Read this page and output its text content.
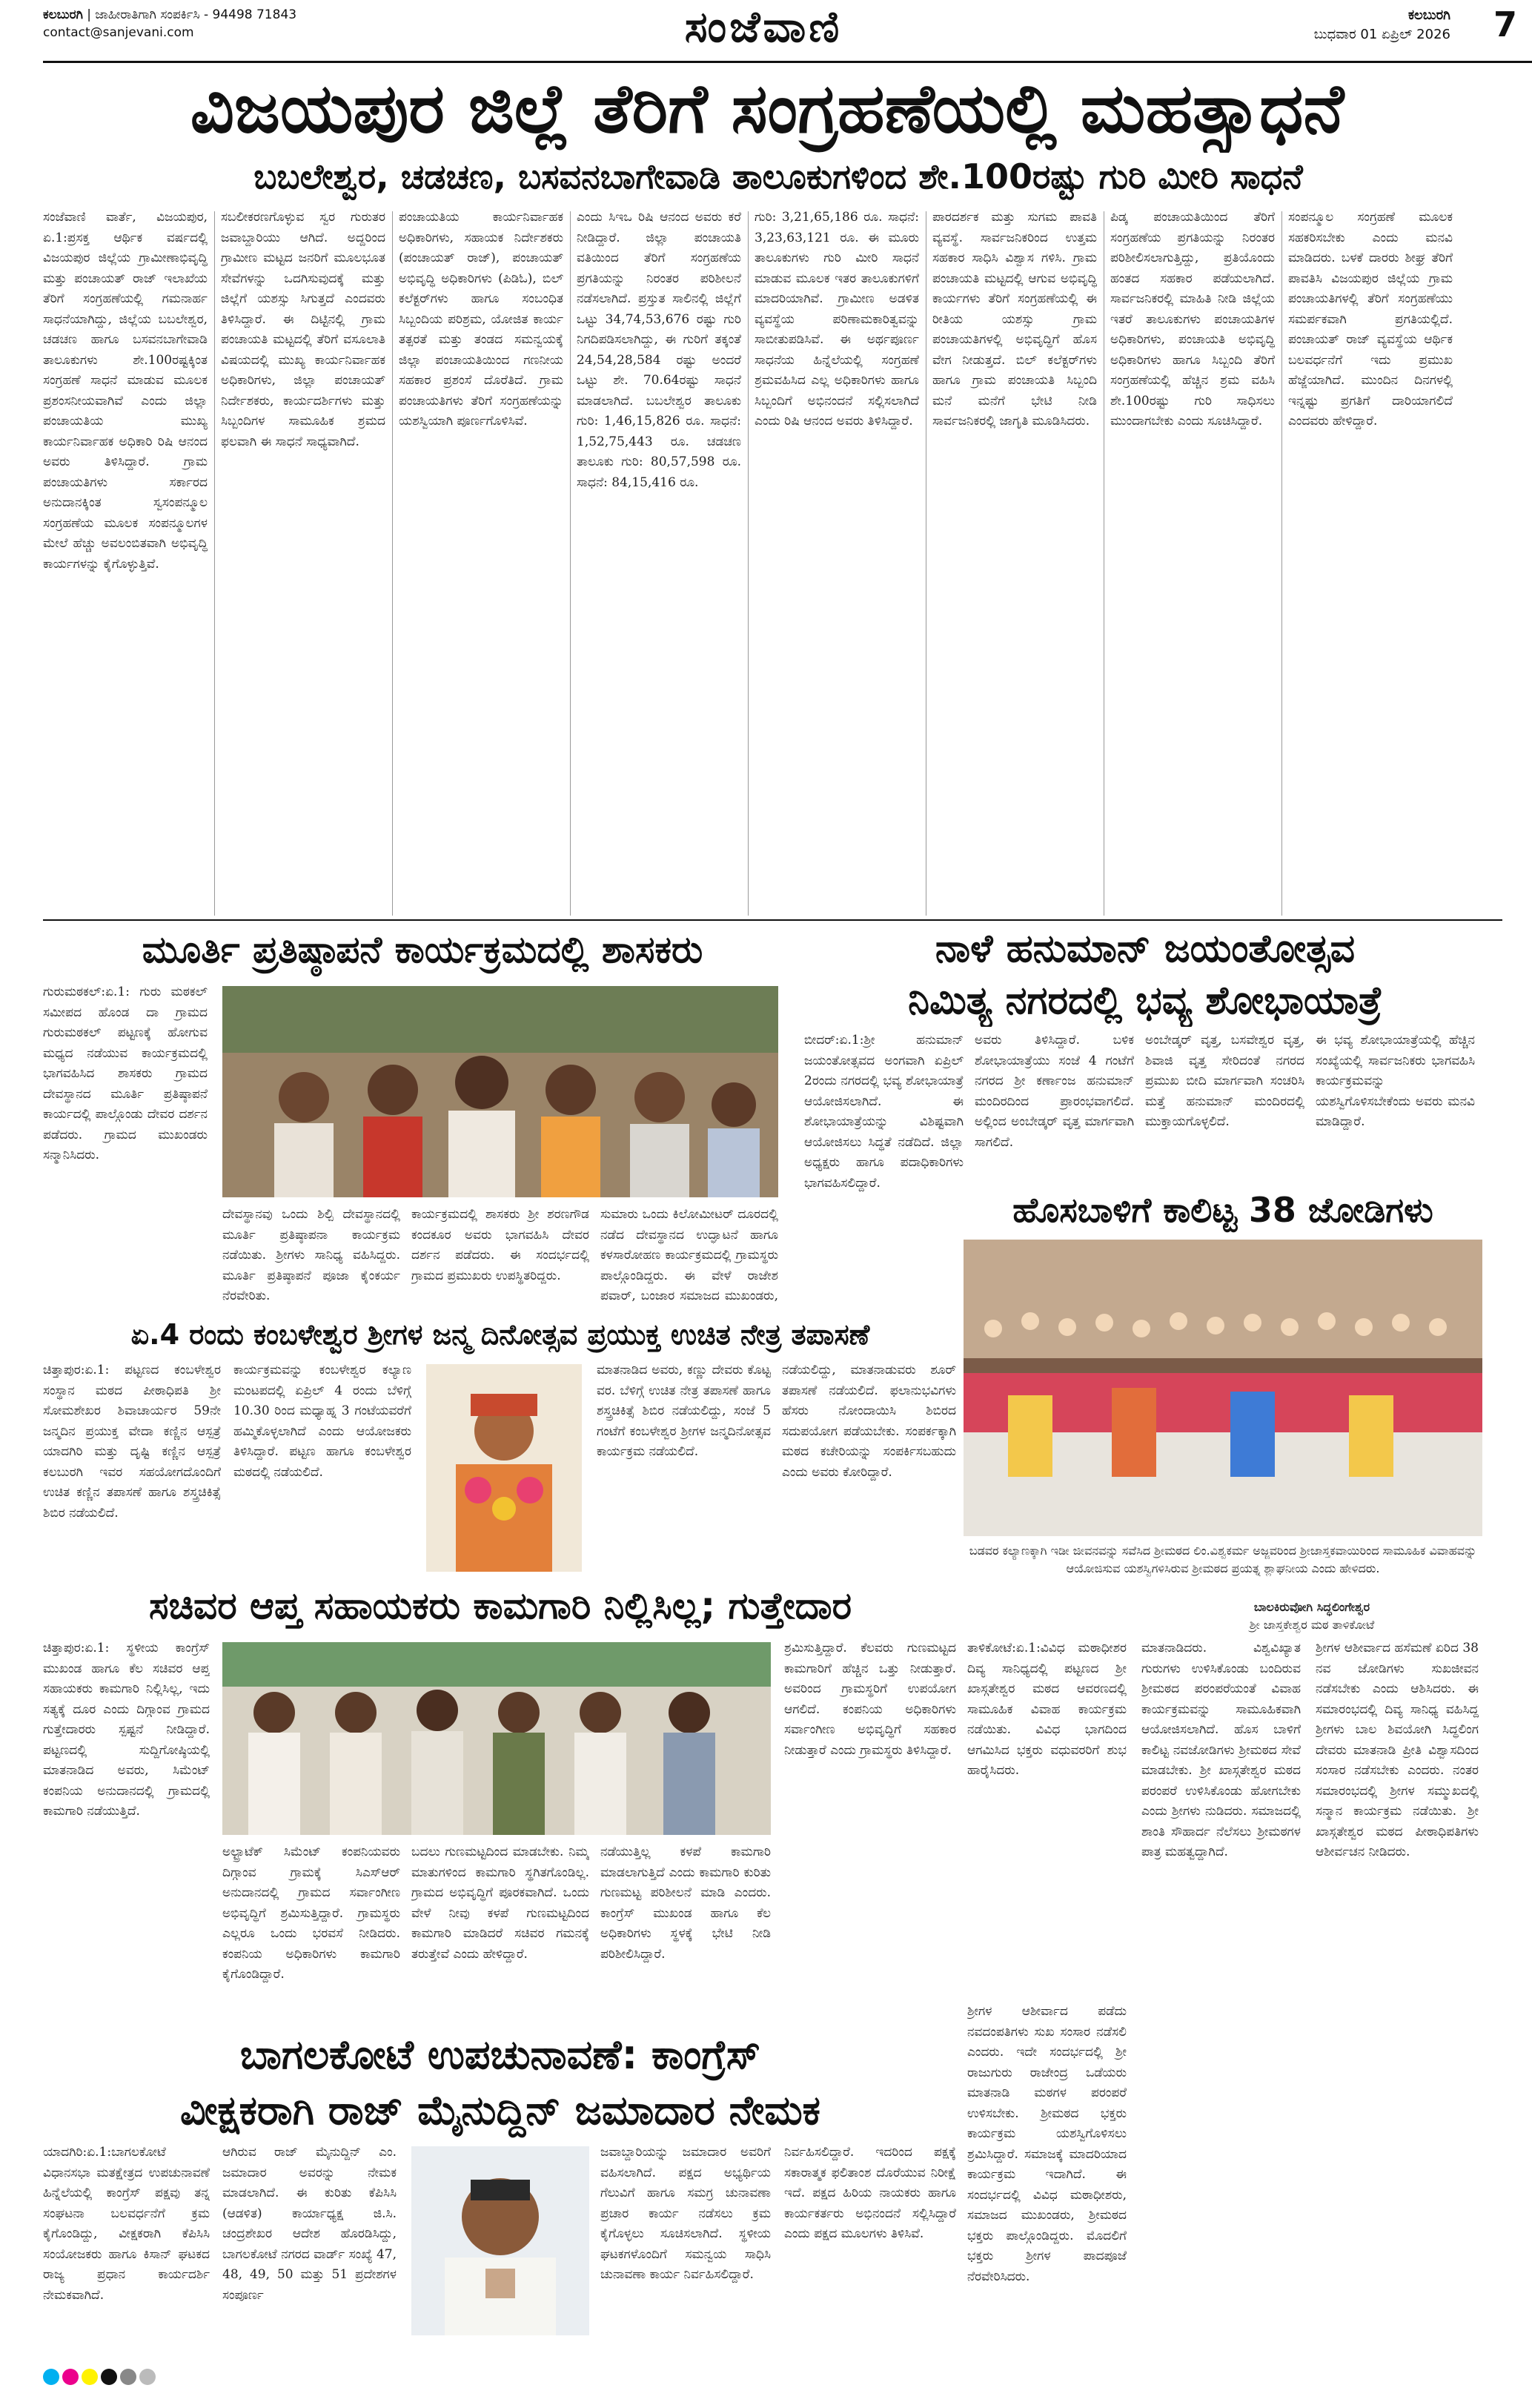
ಕಲಬುರಗಿ | ಜಾಹೀರಾತಿಗಾಗಿ ಸಂಪರ್ಕಿಸಿ - 94498 71843
contact@sanjevani.com	ಸಂಜೆವಾಣಿ	ಕಲಬುರಗಿ
ಬುಧವಾರ 01 ಏಪ್ರಿಲ್ 2026 7
ವಿಜಯಪುರ ಜಿಲ್ಲೆ ತೆರಿಗೆ ಸಂಗ್ರಹಣೆಯಲ್ಲಿ ಮಹತ್ಸಾಧನೆ
ಬಬಲೇಶ್ವರ, ಚಡಚಣ, ಬಸವನಬಾಗೇವಾಡಿ ತಾಲೂಕುಗಳಿಂದ ಶೇ.100ರಷ್ಟು ಗುರಿ ಮೀರಿ ಸಾಧನೆ
ಸಂಜೆವಾಣಿ ವಾರ್ತೆ, ವಿಜಯಪುರ, ಏ.1:ಪ್ರಸಕ್ತ ಆರ್ಥಿಕ ವರ್ಷದಲ್ಲಿ ವಿಜಯಪುರ ಜಿಲ್ಲೆಯ ಗ್ರಾಮೀಣಾಭಿವೃದ್ಧಿ ಮತ್ತು ಪಂಚಾಯತ್ ರಾಜ್ ಇಲಾಖೆಯ ತೆರಿಗೆ ಸಂಗ್ರಹಣೆಯಲ್ಲಿ ಗಮನಾರ್ಹ ಸಾಧನೆಯಾಗಿದ್ದು, ಜಿಲ್ಲೆಯ ಬಬಲೇಶ್ವರ, ಚಡಚಣ ಹಾಗೂ ಬಸವನಬಾಗೇವಾಡಿ ತಾಲೂಕುಗಳು ಶೇ.100ರಷ್ಟಕ್ಕಿಂತ ಸಂಗ್ರಹಣೆ ಸಾಧನೆ ಮಾಡುವ ಮೂಲಕ ಪ್ರಶಂಸನೀಯವಾಗಿವೆ ಎಂದು ಜಿಲ್ಲಾ ಪಂಚಾಯತಿಯ ಮುಖ್ಯ ಕಾರ್ಯನಿರ್ವಾಹಕ ಅಧಿಕಾರಿ ರಿಷಿ ಆನಂದ ಅವರು ತಿಳಿಸಿದ್ದಾರೆ. ಗ್ರಾಮ ಪಂಚಾಯತಿಗಳು ಸರ್ಕಾರದ ಅನುದಾನಕ್ಕಿಂತ ಸ್ವಸಂಪನ್ಮೂಲ ಸಂಗ್ರಹಣೆಯ ಮೂಲಕ ಸಂಪನ್ಮೂಲಗಳ ಮೇಲೆ ಹೆಚ್ಚು ಅವಲಂಬಿತವಾಗಿ ಅಭಿವೃದ್ಧಿ ಕಾರ್ಯಗಳನ್ನು ಕೈಗೊಳ್ಳುತ್ತಿವೆ.
ಸಬಲೀಕರಣಗೊಳ್ಳುವ ಸ್ವರ ಗುರುತರ ಜವಾಬ್ದಾರಿಯು ಆಗಿದೆ. ಅದ್ದರಿಂದ ಗ್ರಾಮೀಣ ಮಟ್ಟದ ಜನರಿಗೆ ಮೂಲಭೂತ ಸೇವೆಗಳನ್ನು ಒದಗಿಸುವುದಕ್ಕೆ ಮತ್ತು ಜಿಲ್ಲೆಗೆ ಯಶಸ್ಸು ಸಿಗುತ್ತದೆ ಎಂದವರು ತಿಳಿಸಿದ್ದಾರೆ. ಈ ದಿಟ್ಟಿನಲ್ಲಿ ಗ್ರಾಮ ಪಂಚಾಯತಿ ಮಟ್ಟದಲ್ಲಿ ತೆರಿಗೆ ವಸೂಲಾತಿ ವಿಷಯದಲ್ಲಿ ಮುಖ್ಯ ಕಾರ್ಯನಿರ್ವಾಹಕ ಅಧಿಕಾರಿಗಳು, ಜಿಲ್ಲಾ ಪಂಚಾಯತ್ ನಿರ್ದೇಶಕರು, ಕಾರ್ಯದರ್ಶಿಗಳು ಮತ್ತು ಸಿಬ್ಬಂದಿಗಳ ಸಾಮೂಹಿಕ ಶ್ರಮದ ಫಲವಾಗಿ ಈ ಸಾಧನೆ ಸಾಧ್ಯವಾಗಿದೆ.
ಪಂಚಾಯತಿಯ ಕಾರ್ಯನಿರ್ವಾಹಕ ಅಧಿಕಾರಿಗಳು, ಸಹಾಯಕ ನಿರ್ದೇಶಕರು (ಪಂಚಾಯತ್ ರಾಜ್), ಪಂಚಾಯತ್ ಅಭಿವೃದ್ಧಿ ಅಧಿಕಾರಿಗಳು (ಪಿಡಿಓ), ಬಿಲ್ ಕಲೆಕ್ಟರ್‌ಗಳು ಹಾಗೂ ಸಂಬಂಧಿತ ಸಿಬ್ಬಂದಿಯ ಪರಿಶ್ರಮ, ಯೋಜಿತ ಕಾರ್ಯ ತತ್ಪರತೆ ಮತ್ತು ತಂಡದ ಸಮನ್ವಯಕ್ಕೆ ಜಿಲ್ಲಾ ಪಂಚಾಯತಿಯಿಂದ ಗಣನೀಯ ಸಹಕಾರ ಪ್ರಶಂಸೆ ದೊರೆತಿದೆ. ಗ್ರಾಮ ಪಂಚಾಯತಿಗಳು ತೆರಿಗೆ ಸಂಗ್ರಹಣೆಯನ್ನು ಯಶಸ್ವಿಯಾಗಿ ಪೂರ್ಣಗೊಳಿಸಿವೆ.
ಎಂದು ಸಿಇಒ ರಿಷಿ ಆನಂದ ಅವರು ಕರೆ ನೀಡಿದ್ದಾರೆ. ಜಿಲ್ಲಾ ಪಂಚಾಯತಿ ವತಿಯಿಂದ ತೆರಿಗೆ ಸಂಗ್ರಹಣೆಯ ಪ್ರಗತಿಯನ್ನು ನಿರಂತರ ಪರಿಶೀಲನೆ ನಡೆಸಲಾಗಿದೆ. ಪ್ರಸ್ತುತ ಸಾಲಿನಲ್ಲಿ ಜಿಲ್ಲೆಗೆ ಒಟ್ಟು 34,74,53,676 ರಷ್ಟು ಗುರಿ ನಿಗದಿಪಡಿಸಲಾಗಿದ್ದು, ಈ ಗುರಿಗೆ ತಕ್ಕಂತೆ 24,54,28,584 ರಷ್ಟು ಅಂದರೆ ಒಟ್ಟು ಶೇ. 70.64ರಷ್ಟು ಸಾಧನೆ ಮಾಡಲಾಗಿದೆ. ಬಬಲೇಶ್ವರ ತಾಲೂಕು ಗುರಿ: 1,46,15,826 ರೂ. ಸಾಧನೆ: 1,52,75,443 ರೂ. ಚಡಚಣ ತಾಲೂಕು ಗುರಿ: 80,57,598 ರೂ. ಸಾಧನೆ: 84,15,416 ರೂ.
ಗುರಿ: 3,21,65,186 ರೂ. ಸಾಧನೆ: 3,23,63,121 ರೂ. ಈ ಮೂರು ತಾಲೂಕುಗಳು ಗುರಿ ಮೀರಿ ಸಾಧನೆ ಮಾಡುವ ಮೂಲಕ ಇತರ ತಾಲೂಕುಗಳಿಗೆ ಮಾದರಿಯಾಗಿವೆ. ಗ್ರಾಮೀಣ ಅಡಳಿತ ವ್ಯವಸ್ಥೆಯ ಪರಿಣಾಮಕಾರಿತ್ವವನ್ನು ಸಾಬೀತುಪಡಿಸಿವೆ. ಈ ಅರ್ಥಪೂರ್ಣ ಸಾಧನೆಯ ಹಿನ್ನೆಲೆಯಲ್ಲಿ ಸಂಗ್ರಹಣೆ ಶ್ರಮವಹಿಸಿದ ಎಲ್ಲ ಅಧಿಕಾರಿಗಳು ಹಾಗೂ ಸಿಬ್ಬಂದಿಗೆ ಅಭಿನಂದನೆ ಸಲ್ಲಿಸಲಾಗಿದೆ ಎಂದು ರಿಷಿ ಆನಂದ ಅವರು ತಿಳಿಸಿದ್ದಾರೆ.
ಪಾರದರ್ಶಕ ಮತ್ತು ಸುಗಮ ಪಾವತಿ ವ್ಯವಸ್ಥೆ. ಸಾರ್ವಜನಿಕರಿಂದ ಉತ್ತಮ ಸಹಕಾರ ಸಾಧಿಸಿ ವಿಶ್ವಾಸ ಗಳಿಸಿ. ಗ್ರಾಮ ಪಂಚಾಯತಿ ಮಟ್ಟದಲ್ಲಿ ಆಗುವ ಅಭಿವೃದ್ಧಿ ಕಾರ್ಯಗಳು ತೆರಿಗೆ ಸಂಗ್ರಹಣೆಯಲ್ಲಿ ಈ ರೀತಿಯ ಯಶಸ್ಸು ಗ್ರಾಮ ಪಂಚಾಯತಿಗಳಲ್ಲಿ ಅಭಿವೃದ್ಧಿಗೆ ಹೊಸ ವೇಗ ನೀಡುತ್ತದೆ. ಬಿಲ್ ಕಲೆಕ್ಟರ್‌ಗಳು ಹಾಗೂ ಗ್ರಾಮ ಪಂಚಾಯತಿ ಸಿಬ್ಬಂದಿ ಮನೆ ಮನೆಗೆ ಭೇಟಿ ನೀಡಿ ಸಾರ್ವಜನಿಕರಲ್ಲಿ ಜಾಗೃತಿ ಮೂಡಿಸಿದರು.
ಪಿಡ್ಕ ಪಂಚಾಯತಿಯಿಂದ ತೆರಿಗೆ ಸಂಗ್ರಹಣೆಯ ಪ್ರಗತಿಯನ್ನು ನಿರಂತರ ಪರಿಶೀಲಿಸಲಾಗುತ್ತಿದ್ದು, ಪ್ರತಿಯೊಂದು ಹಂತದ ಸಹಕಾರ ಪಡೆಯಲಾಗಿದೆ. ಸಾರ್ವಜನಿಕರಲ್ಲಿ ಮಾಹಿತಿ ನೀಡಿ ಜಿಲ್ಲೆಯ ಇತರೆ ತಾಲೂಕುಗಳು ಪಂಚಾಯತಿಗಳ ಅಧಿಕಾರಿಗಳು, ಪಂಚಾಯತಿ ಅಭಿವೃದ್ಧಿ ಅಧಿಕಾರಿಗಳು ಹಾಗೂ ಸಿಬ್ಬಂದಿ ತೆರಿಗೆ ಸಂಗ್ರಹಣೆಯಲ್ಲಿ ಹೆಚ್ಚಿನ ಶ್ರಮ ವಹಿಸಿ ಶೇ.100ರಷ್ಟು ಗುರಿ ಸಾಧಿಸಲು ಮುಂದಾಗಬೇಕು ಎಂದು ಸೂಚಿಸಿದ್ದಾರೆ.
ಸಂಪನ್ಮೂಲ ಸಂಗ್ರಹಣೆ ಮೂಲಕ ಸಹಕರಿಸಬೇಕು ಎಂದು ಮನವಿ ಮಾಡಿದರು. ಬಳಕೆ ದಾರರು ಶೀಘ್ರ ತೆರಿಗೆ ಪಾವತಿಸಿ ವಿಜಯಪುರ ಜಿಲ್ಲೆಯ ಗ್ರಾಮ ಪಂಚಾಯತಿಗಳಲ್ಲಿ ತೆರಿಗೆ ಸಂಗ್ರಹಣೆಯು ಸಮರ್ಪಕವಾಗಿ ಪ್ರಗತಿಯಲ್ಲಿದೆ. ಪಂಚಾಯತ್ ರಾಜ್ ವ್ಯವಸ್ಥೆಯ ಆರ್ಥಿಕ ಬಲವರ್ಧನೆಗೆ ಇದು ಪ್ರಮುಖ ಹೆಜ್ಜೆಯಾಗಿದೆ. ಮುಂದಿನ ದಿನಗಳಲ್ಲಿ ಇನ್ನಷ್ಟು ಪ್ರಗತಿಗೆ ದಾರಿಯಾಗಲಿದೆ ಎಂದವರು ಹೇಳಿದ್ದಾರೆ.
ಮೂರ್ತಿ ಪ್ರತಿಷ್ಠಾಪನೆ ಕಾರ್ಯಕ್ರಮದಲ್ಲಿ ಶಾಸಕರು
ಗುರುಮಠಕಲ್:ಏ.1: ಗುರು ಮಠಕಲ್ ಸಮೀಪದ ಹೊಂಡ ದಾ ಗ್ರಾಮದ ಗುರುಮಠಕಲ್ ಪಟ್ಟಣಕ್ಕೆ ಹೋಗುವ ಮಧ್ಯದ ನಡೆಯುವ ಕಾರ್ಯಕ್ರಮದಲ್ಲಿ ಭಾಗವಹಿಸಿದ ಶಾಸಕರು ಗ್ರಾಮದ ದೇವಸ್ಥಾನದ ಮೂರ್ತಿ ಪ್ರತಿಷ್ಠಾಪನೆ ಕಾರ್ಯದಲ್ಲಿ ಪಾಲ್ಗೊಂಡು ದೇವರ ದರ್ಶನ ಪಡೆದರು. ಗ್ರಾಮದ ಮುಖಂಡರು ಸನ್ಮಾನಿಸಿದರು.
ದೇವಸ್ಥಾನವು ಒಂದು ಶಿಲ್ಪಿ ದೇವಸ್ಥಾನದಲ್ಲಿ ಮೂರ್ತಿ ಪ್ರತಿಷ್ಠಾಪನಾ ಕಾರ್ಯಕ್ರಮ ನಡೆಯಿತು. ಶ್ರೀಗಳು ಸಾನಿಧ್ಯ ವಹಿಸಿದ್ದರು. ಮೂರ್ತಿ ಪ್ರತಿಷ್ಠಾಪನೆ ಪೂಜಾ ಕೈಂಕರ್ಯ ನೆರವೇರಿತು.
ಕಾರ್ಯಕ್ರಮದಲ್ಲಿ ಶಾಸಕರು ಶ್ರೀ ಶರಣಗೌಡ ಕಂದಕೂರ ಅವರು ಭಾಗವಹಿಸಿ ದೇವರ ದರ್ಶನ ಪಡೆದರು. ಈ ಸಂದರ್ಭದಲ್ಲಿ ಗ್ರಾಮದ ಪ್ರಮುಖರು ಉಪಸ್ಥಿತರಿದ್ದರು.
ಸುಮಾರು ಒಂದು ಕಿಲೋಮೀಟರ್ ದೂರದಲ್ಲಿ ನಡೆದ ದೇವಸ್ಥಾನದ ಉದ್ಘಾಟನೆ ಹಾಗೂ ಕಳಸಾರೋಹಣ ಕಾರ್ಯಕ್ರಮದಲ್ಲಿ ಗ್ರಾಮಸ್ಥರು ಪಾಲ್ಗೊಂಡಿದ್ದರು. ಈ ವೇಳೆ ರಾಜೇಶ ಪವಾರ್, ಬಂಜಾರ ಸಮಾಜದ ಮುಖಂಡರು,
ನಾಳೆ ಹನುಮಾನ್ ಜಯಂತೋತ್ಸವ
ನಿಮಿತ್ಯ ನಗರದಲ್ಲಿ ಭವ್ಯ ಶೋಭಾಯಾತ್ರೆ
ಬೀದರ್:ಏ.1:ಶ್ರೀ ಹನುಮಾನ್ ಜಯಂತೋತ್ಸವದ ಅಂಗವಾಗಿ ಏಪ್ರಿಲ್ 2ರಂದು ನಗರದಲ್ಲಿ ಭವ್ಯ ಶೋಭಾಯಾತ್ರೆ ಆಯೋಜಿಸಲಾಗಿದೆ. ಈ ಶೋಭಾಯಾತ್ರೆಯನ್ನು ವಿಶಿಷ್ಟವಾಗಿ ಆಯೋಜಿಸಲು ಸಿದ್ಧತೆ ನಡೆದಿದೆ. ಜಿಲ್ಲಾ ಅಧ್ಯಕ್ಷರು ಹಾಗೂ ಪದಾಧಿಕಾರಿಗಳು ಭಾಗವಹಿಸಲಿದ್ದಾರೆ.
ಅವರು ತಿಳಿಸಿದ್ದಾರೆ. ಬಳಿಕ ಶೋಭಾಯಾತ್ರೆಯು ಸಂಜೆ 4 ಗಂಟೆಗೆ ನಗರದ ಶ್ರೀ ಕರ್ಣಾಂಜ ಹನುಮಾನ್ ಮಂದಿರದಿಂದ ಪ್ರಾರಂಭವಾಗಲಿದೆ. ಅಲ್ಲಿಂದ ಅಂಬೇಡ್ಕರ್ ವೃತ್ತ ಮಾರ್ಗವಾಗಿ ಸಾಗಲಿದೆ.
ಅಂಬೇಡ್ಕರ್ ವೃತ್ತ, ಬಸವೇಶ್ವರ ವೃತ್ತ, ಶಿವಾಜಿ ವೃತ್ತ ಸೇರಿದಂತೆ ನಗರದ ಪ್ರಮುಖ ಬೀದಿ ಮಾರ್ಗವಾಗಿ ಸಂಚರಿಸಿ ಮತ್ತೆ ಹನುಮಾನ್ ಮಂದಿರದಲ್ಲಿ ಮುಕ್ತಾಯಗೊಳ್ಳಲಿದೆ.
ಈ ಭವ್ಯ ಶೋಭಾಯಾತ್ರೆಯಲ್ಲಿ ಹೆಚ್ಚಿನ ಸಂಖ್ಯೆಯಲ್ಲಿ ಸಾರ್ವಜನಿಕರು ಭಾಗವಹಿಸಿ ಕಾರ್ಯಕ್ರಮವನ್ನು ಯಶಸ್ವಿಗೊಳಿಸಬೇಕೆಂದು ಅವರು ಮನವಿ ಮಾಡಿದ್ದಾರೆ.
ಹೊಸಬಾಳಿಗೆ ಕಾಲಿಟ್ಟ 38 ಜೋಡಿಗಳು
ಬಡವರ ಕಲ್ಯಾಣಕ್ಕಾಗಿ ಇಡೀ ಜೀವನವನ್ನು ಸವೆಸಿದ ಶ್ರೀಮಠದ ಲಿಂ.ವಿಶ್ವಕರ್ಮ ಅಜ್ಜವರಿಂದ ಶ್ರೀಜಾಸ್ತಕವಾಯಿರಿಂದ ಸಾಮೂಹಿಕ ವಿವಾಹವನ್ನು ಆಯೋಜಿಸುವ ಯಶಸ್ವಿಗಳಿಸಿರುವ ಶ್ರೀಮಠದ ಪ್ರಯತ್ನ ಶ್ಲಾಘನೀಯ ಎಂದು ಹೇಳಿದರು.
ಬಾಲಕಿರುವೋಗಿ ಸಿದ್ಧಲಿಂಗೇಶ್ವರ
ಶ್ರೀ ಜಾಸ್ತಕೇಶ್ವರ ಮಠ ತಾಳಿಕೋಟೆ
ತಾಳಿಕೋಟೆ:ಏ.1:ವಿವಿಧ ಮಠಾಧೀಶರ ದಿವ್ಯ ಸಾನಿಧ್ಯದಲ್ಲಿ ಪಟ್ಟಣದ ಶ್ರೀ ಖಾಸ್ಗತೇಶ್ವರ ಮಠದ ಆವರಣದಲ್ಲಿ ಸಾಮೂಹಿಕ ವಿವಾಹ ಕಾರ್ಯಕ್ರಮ ನಡೆಯಿತು. ವಿವಿಧ ಭಾಗದಿಂದ ಆಗಮಿಸಿದ ಭಕ್ತರು ವಧುವರರಿಗೆ ಶುಭ ಹಾರೈಸಿದರು.
ಏ.4 ರಂದು ಕಂಬಳೇಶ್ವರ ಶ್ರೀಗಳ ಜನ್ಮ ದಿನೋತ್ಸವ ಪ್ರಯುಕ್ತ ಉಚಿತ ನೇತ್ರ ತಪಾಸಣೆ
ಚಿತ್ತಾಪುರ:ಏ.1: ಪಟ್ಟಣದ ಕಂಬಳೇಶ್ವರ ಸಂಸ್ಥಾನ ಮಠದ ಪೀಠಾಧಿಪತಿ ಶ್ರೀ ಸೋಮಶೇಖರ ಶಿವಾಚಾರ್ಯರ 59ನೇ ಜನ್ಮದಿನ ಪ್ರಯುಕ್ತ ವೇದಾ ಕಣ್ಣಿನ ಆಸ್ಪತ್ರೆ ಯಾದಗಿರಿ ಮತ್ತು ದೃಷ್ಟಿ ಕಣ್ಣಿನ ಆಸ್ಪತ್ರೆ ಕಲಬುರಗಿ ಇವರ ಸಹಯೋಗದೊಂದಿಗೆ ಉಚಿತ ಕಣ್ಣಿನ ತಪಾಸಣೆ ಹಾಗೂ ಶಸ್ತ್ರಚಿಕಿತ್ಸೆ ಶಿಬಿರ ನಡೆಯಲಿದೆ.
ಕಾರ್ಯಕ್ರಮವನ್ನು ಕಂಬಳೇಶ್ವರ ಕಲ್ಯಾಣ ಮಂಟಪದಲ್ಲಿ ಏಪ್ರಿಲ್ 4 ರಂದು ಬೆಳಿಗ್ಗೆ 10.30 ರಿಂದ ಮಧ್ಯಾಹ್ನ 3 ಗಂಟೆಯವರೆಗೆ ಹಮ್ಮಿಕೊಳ್ಳಲಾಗಿದೆ ಎಂದು ಆಯೋಜಕರು ತಿಳಿಸಿದ್ದಾರೆ. ಪಟ್ಟಣ ಹಾಗೂ ಕಂಬಳೇಶ್ವರ ಮಠದಲ್ಲಿ ನಡೆಯಲಿದೆ.
ಮಾತನಾಡಿದ ಅವರು, ಕಣ್ಣು ದೇವರು ಕೊಟ್ಟ ವರ. ಬೆಳಿಗ್ಗೆ ಉಚಿತ ನೇತ್ರ ತಪಾಸಣೆ ಹಾಗೂ ಶಸ್ತ್ರಚಿಕಿತ್ಸೆ ಶಿಬಿರ ನಡೆಯಲಿದ್ದು, ಸಂಜೆ 5 ಗಂಟೆಗೆ ಕಂಬಳೇಶ್ವರ ಶ್ರೀಗಳ ಜನ್ಮದಿನೋತ್ಸವ ಕಾರ್ಯಕ್ರಮ ನಡೆಯಲಿದೆ.
ನಡೆಯಲಿದ್ದು, ಮಾತನಾಡುವರು ಶೂರ್ ತಪಾಸಣೆ ನಡೆಯಲಿದೆ. ಫಲಾನುಭವಿಗಳು ಹೆಸರು ನೋಂದಾಯಿಸಿ ಶಿಬಿರದ ಸದುಪಯೋಗ ಪಡೆಯಬೇಕು. ಸಂಪರ್ಕಕ್ಕಾಗಿ ಮಠದ ಕಚೇರಿಯನ್ನು ಸಂಪರ್ಕಿಸಬಹುದು ಎಂದು ಅವರು ಕೋರಿದ್ದಾರೆ.
ಸಚಿವರ ಆಪ್ತ ಸಹಾಯಕರು ಕಾಮಗಾರಿ ನಿಲ್ಲಿಸಿಲ್ಲ; ಗುತ್ತೇದಾರ
ಚಿತ್ತಾಪುರ:ಏ.1: ಸ್ಥಳೀಯ ಕಾಂಗ್ರೆಸ್ ಮುಖಂಡ ಹಾಗೂ ಕೆಲ ಸಚಿವರ ಆಪ್ತ ಸಹಾಯಕರು ಕಾಮಗಾರಿ ನಿಲ್ಲಿಸಿಲ್ಲ, ಇದು ಸತ್ಯಕ್ಕೆ ದೂರ ಎಂದು ದಿಗ್ಗಾಂವ ಗ್ರಾಮದ ಗುತ್ತೇದಾರರು ಸ್ಪಷ್ಟನೆ ನೀಡಿದ್ದಾರೆ. ಪಟ್ಟಣದಲ್ಲಿ ಸುದ್ದಿಗೋಷ್ಠಿಯಲ್ಲಿ ಮಾತನಾಡಿದ ಅವರು, ಸಿಮೆಂಟ್ ಕಂಪನಿಯ ಅನುದಾನದಲ್ಲಿ ಗ್ರಾಮದಲ್ಲಿ ಕಾಮಗಾರಿ ನಡೆಯುತ್ತಿದೆ.
ಅಲ್ಟ್ರಾಟೆಕ್ ಸಿಮೆಂಟ್ ಕಂಪನಿಯವರು ದಿಗ್ಗಾಂವ ಗ್ರಾಮಕ್ಕೆ ಸಿಎಸ್‌ಆರ್ ಅನುದಾನದಲ್ಲಿ ಗ್ರಾಮದ ಸರ್ವಾಂಗೀಣ ಅಭಿವೃದ್ಧಿಗೆ ಶ್ರಮಿಸುತ್ತಿದ್ದಾರೆ. ಗ್ರಾಮಸ್ಥರು ಎಲ್ಲರೂ ಒಂದು ಭರವಸೆ ನೀಡಿದರು. ಕಂಪನಿಯ ಅಧಿಕಾರಿಗಳು ಕಾಮಗಾರಿ ಕೈಗೊಂಡಿದ್ದಾರೆ.
ಬದಲು ಗುಣಮಟ್ಟದಿಂದ ಮಾಡಬೇಕು. ನಿಮ್ಮ ಮಾತುಗಳಿಂದ ಕಾಮಗಾರಿ ಸ್ಥಗಿತಗೊಂಡಿಲ್ಲ. ಗ್ರಾಮದ ಅಭಿವೃದ್ಧಿಗೆ ಪೂರಕವಾಗಿದೆ. ಒಂದು ವೇಳೆ ನೀವು ಕಳಪೆ ಗುಣಮಟ್ಟದಿಂದ ಕಾಮಗಾರಿ ಮಾಡಿದರೆ ಸಚಿವರ ಗಮನಕ್ಕೆ ತರುತ್ತೇವೆ ಎಂದು ಹೇಳಿದ್ದಾರೆ.
ನಡೆಯುತ್ತಿಲ್ಲ ಕಳಪೆ ಕಾಮಗಾರಿ ಮಾಡಲಾಗುತ್ತಿದೆ ಎಂದು ಕಾಮಗಾರಿ ಕುರಿತು ಗುಣಮಟ್ಟ ಪರಿಶೀಲನೆ ಮಾಡಿ ಎಂದರು. ಕಾಂಗ್ರೆಸ್ ಮುಖಂಡ ಹಾಗೂ ಕೆಲ ಅಧಿಕಾರಿಗಳು ಸ್ಥಳಕ್ಕೆ ಭೇಟಿ ನೀಡಿ ಪರಿಶೀಲಿಸಿದ್ದಾರೆ.
ಶ್ರಮಿಸುತ್ತಿದ್ದಾರೆ. ಕೆಲವರು ಗುಣಮಟ್ಟದ ಕಾಮಗಾರಿಗೆ ಹೆಚ್ಚಿನ ಒತ್ತು ನೀಡುತ್ತಾರೆ. ಅವರಿಂದ ಗ್ರಾಮಸ್ಥರಿಗೆ ಉಪಯೋಗ ಆಗಲಿದೆ. ಕಂಪನಿಯ ಅಧಿಕಾರಿಗಳು ಸರ್ವಾಂಗೀಣ ಅಭಿವೃದ್ಧಿಗೆ ಸಹಕಾರ ನೀಡುತ್ತಾರೆ ಎಂದು ಗ್ರಾಮಸ್ಥರು ತಿಳಿಸಿದ್ದಾರೆ.
ಮಾತನಾಡಿದರು. ವಿಶ್ವವಿಖ್ಯಾತ ಗುರುಗಳು ಉಳಿಸಿಕೊಂಡು ಬಂದಿರುವ ಶ್ರೀಮಠದ ಪರಂಪರೆಯಂತೆ ವಿವಾಹ ಕಾರ್ಯಕ್ರಮವನ್ನು ಸಾಮೂಹಿಕವಾಗಿ ಆಯೋಜಿಸಲಾಗಿದೆ. ಹೊಸ ಬಾಳಿಗೆ ಕಾಲಿಟ್ಟ ನವಜೋಡಿಗಳು ಶ್ರೀಮಠದ ಸೇವೆ ಮಾಡಬೇಕು. ಶ್ರೀ ಖಾಸ್ಗತೇಶ್ವರ ಮಠದ ಪರಂಪರೆ ಉಳಿಸಿಕೊಂಡು ಹೋಗಬೇಕು ಎಂದು ಶ್ರೀಗಳು ನುಡಿದರು. ಸಮಾಜದಲ್ಲಿ ಶಾಂತಿ ಸೌಹಾರ್ದ ನೆಲೆಸಲು ಶ್ರೀಮಠಗಳ ಪಾತ್ರ ಮಹತ್ವದ್ದಾಗಿದೆ.
ಶ್ರೀಗಳ ಆಶೀರ್ವಾದ ಹಸೆಮಣೆ ಏರಿದ 38 ನವ ಜೋಡಿಗಳು ಸುಖಜೀವನ ನಡೆಸಬೇಕು ಎಂದು ಆಶಿಸಿದರು. ಈ ಸಮಾರಂಭದಲ್ಲಿ ದಿವ್ಯ ಸಾನಿಧ್ಯ ವಹಿಸಿದ್ದ ಶ್ರೀಗಳು ಬಾಲ ಶಿವಯೋಗಿ ಸಿದ್ಧಲಿಂಗ ದೇವರು ಮಾತನಾಡಿ ಪ್ರೀತಿ ವಿಶ್ವಾಸದಿಂದ ಸಂಸಾರ ನಡೆಸಬೇಕು ಎಂದರು. ನಂತರ ಸಮಾರಂಭದಲ್ಲಿ ಶ್ರೀಗಳ ಸಮ್ಮುಖದಲ್ಲಿ ಸನ್ಮಾನ ಕಾರ್ಯಕ್ರಮ ನಡೆಯಿತು. ಶ್ರೀ ಖಾಸ್ಗತೇಶ್ವರ ಮಠದ ಪೀಠಾಧಿಪತಿಗಳು ಆಶೀರ್ವಚನ ನೀಡಿದರು.
ಶ್ರೀಗಳ ಆಶೀರ್ವಾದ ಪಡೆದು ನವದಂಪತಿಗಳು ಸುಖ ಸಂಸಾರ ನಡೆಸಲಿ ಎಂದರು. ಇದೇ ಸಂದರ್ಭದಲ್ಲಿ ಶ್ರೀ ರಾಜುಗುರು ರಾಜೇಂದ್ರ ಒಡೆಯರು ಮಾತನಾಡಿ ಮಠಗಳ ಪರಂಪರೆ ಉಳಿಸಬೇಕು. ಶ್ರೀಮಠದ ಭಕ್ತರು ಕಾರ್ಯಕ್ರಮ ಯಶಸ್ವಿಗೊಳಿಸಲು ಶ್ರಮಿಸಿದ್ದಾರೆ. ಸಮಾಜಕ್ಕೆ ಮಾದರಿಯಾದ ಕಾರ್ಯಕ್ರಮ ಇದಾಗಿದೆ. ಈ ಸಂದರ್ಭದಲ್ಲಿ ವಿವಿಧ ಮಠಾಧೀಶರು, ಸಮಾಜದ ಮುಖಂಡರು, ಶ್ರೀಮಠದ ಭಕ್ತರು ಪಾಲ್ಗೊಂಡಿದ್ದರು. ಮೊದಲಿಗೆ ಭಕ್ತರು ಶ್ರೀಗಳ ಪಾದಪೂಜೆ ನೆರವೇರಿಸಿದರು.
ಬಾಗಲಕೋಟೆ ಉಪಚುನಾವಣೆ: ಕಾಂಗ್ರೆಸ್
ವೀಕ್ಷಕರಾಗಿ ರಾಜ್ ಮೈನುದ್ದಿನ್ ಜಮಾದಾರ ನೇಮಕ
ಯಾದಗಿರಿ:ಏ.1:ಬಾಗಲಕೋಟೆ ವಿಧಾನಸಭಾ ಮತಕ್ಷೇತ್ರದ ಉಪಚುನಾವಣೆ ಹಿನ್ನೆಲೆಯಲ್ಲಿ ಕಾಂಗ್ರೆಸ್ ಪಕ್ಷವು ತನ್ನ ಸಂಘಟನಾ ಬಲವರ್ಧನೆಗೆ ಕ್ರಮ ಕೈಗೊಂಡಿದ್ದು, ವೀಕ್ಷಕರಾಗಿ ಕೆಪಿಸಿಸಿ ಸಂಯೋಜಕರು ಹಾಗೂ ಕಿಸಾನ್ ಘಟಕದ ರಾಜ್ಯ ಪ್ರಧಾನ ಕಾರ್ಯದರ್ಶಿ ನೇಮಕವಾಗಿದೆ.
ಆಗಿರುವ ರಾಜ್ ಮೈನುದ್ದಿನ್ ಎಂ. ಜಮಾದಾರ ಅವರನ್ನು ನೇಮಕ ಮಾಡಲಾಗಿದೆ. ಈ ಕುರಿತು ಕೆಪಿಸಿಸಿ (ಆಡಳಿತ) ಕಾರ್ಯಾಧ್ಯಕ್ಷ ಜಿ.ಸಿ. ಚಂದ್ರಶೇಖರ ಆದೇಶ ಹೊರಡಿಸಿದ್ದು, ಬಾಗಲಕೋಟೆ ನಗರದ ವಾರ್ಡ್ ಸಂಖ್ಯೆ 47, 48, 49, 50 ಮತ್ತು 51 ಪ್ರದೇಶಗಳ ಸಂಪೂರ್ಣ
ಜವಾಬ್ದಾರಿಯನ್ನು ಜಮಾದಾರ ಅವರಿಗೆ ವಹಿಸಲಾಗಿದೆ. ಪಕ್ಷದ ಅಭ್ಯರ್ಥಿಯ ಗೆಲುವಿಗೆ ಹಾಗೂ ಸಮಗ್ರ ಚುನಾವಣಾ ಪ್ರಚಾರ ಕಾರ್ಯ ನಡೆಸಲು ಕ್ರಮ ಕೈಗೊಳ್ಳಲು ಸೂಚಿಸಲಾಗಿದೆ. ಸ್ಥಳೀಯ ಘಟಕಗಳೊಂದಿಗೆ ಸಮನ್ವಯ ಸಾಧಿಸಿ ಚುನಾವಣಾ ಕಾರ್ಯ ನಿರ್ವಹಿಸಲಿದ್ದಾರೆ.
ನಿರ್ವಹಿಸಲಿದ್ದಾರೆ. ಇದರಿಂದ ಪಕ್ಷಕ್ಕೆ ಸಕಾರಾತ್ಮಕ ಫಲಿತಾಂಶ ದೊರೆಯುವ ನಿರೀಕ್ಷೆ ಇದೆ. ಪಕ್ಷದ ಹಿರಿಯ ನಾಯಕರು ಹಾಗೂ ಕಾರ್ಯಕರ್ತರು ಅಭಿನಂದನೆ ಸಲ್ಲಿಸಿದ್ದಾರೆ ಎಂದು ಪಕ್ಷದ ಮೂಲಗಳು ತಿಳಿಸಿವೆ.
